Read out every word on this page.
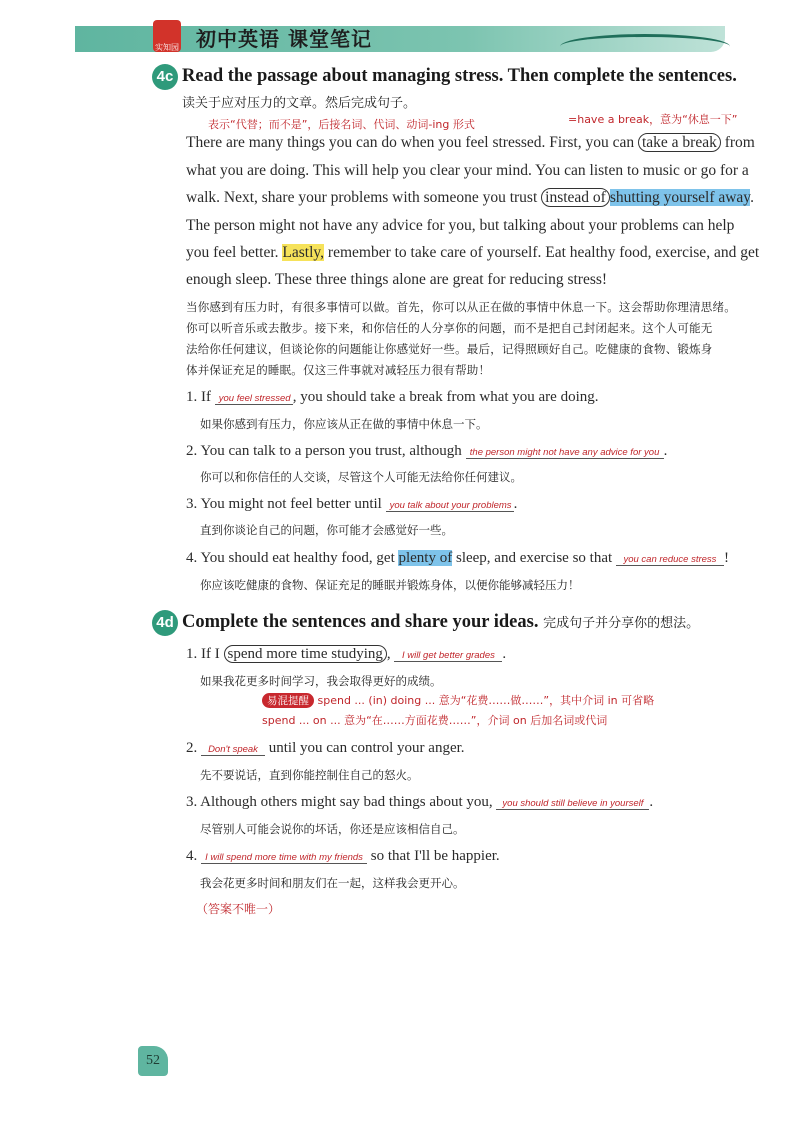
实知园 初中英语 课堂笔记
4c Read the passage about managing stress. Then complete the sentences.
读关于应对压力的文章。然后完成句子。
表示“代替；而不是”，后接名词、代词、动词-ing 形式	=have a break，意为“休息一下”
There are many things you can do when you feel stressed. First, you can take a break from
what you are doing. This will help you clear your mind. You can listen to music or go for a
walk. Next, share your problems with someone you trust instead of shutting yourself away.
The person might not have any advice for you, but talking about your problems can help
you feel better. Lastly, remember to take care of yourself. Eat healthy food, exercise, and get
enough sleep. These three things alone are great for reducing stress!
当你感到有压力时，有很多事情可以做。首先，你可以从正在做的事情中休息一下。这会帮助你理清思绪。
你可以听音乐或去散步。接下来，和你信任的人分享你的问题，而不是把自己封闭起来。这个人可能无
法给你任何建议，但谈论你的问题能让你感觉好一些。最后，记得照顾好自己。吃健康的食物、锻炼身
体并保证充足的睡眠。仅这三件事就对减轻压力很有帮助！
1. If you feel stressed , you should take a break from what you are doing.
如果你感到有压力，你应该从正在做的事情中休息一下。
2. You can talk to a person you trust, although the person might not have any advice for you .
你可以和你信任的人交谈，尽管这个人可能无法给你任何建议。
3. You might not feel better until you talk about your problems .
直到你谈论自己的问题，你可能才会感觉好一些。
4. You should eat healthy food, get plenty of sleep, and exercise so that you can reduce stress !
你应该吃健康的食物、保证充足的睡眠并锻炼身体，以便你能够减轻压力！
4d Complete the sentences and share your ideas. 完成句子并分享你的想法。
1. If I spend more time studying , I will get better grades .
如果我花更多时间学习，我会取得更好的成绩。
易混提醒 spend ... (in) doing ... 意为“花费……做……”，其中介词 in 可省略
spend ... on ... 意为“在……方面花费……”，介词 on 后加名词或代词
2. Don't speak until you can control your anger.
先不要说话，直到你能控制住自己的怒火。
3. Although others might say bad things about you, you should still believe in yourself .
尽管别人可能会说你的坏话，你还是应该相信自己。
4. I will spend more time with my friends so that I'll be happier.
我会花更多时间和朋友们在一起，这样我会更开心。
（答案不唯一）
52
